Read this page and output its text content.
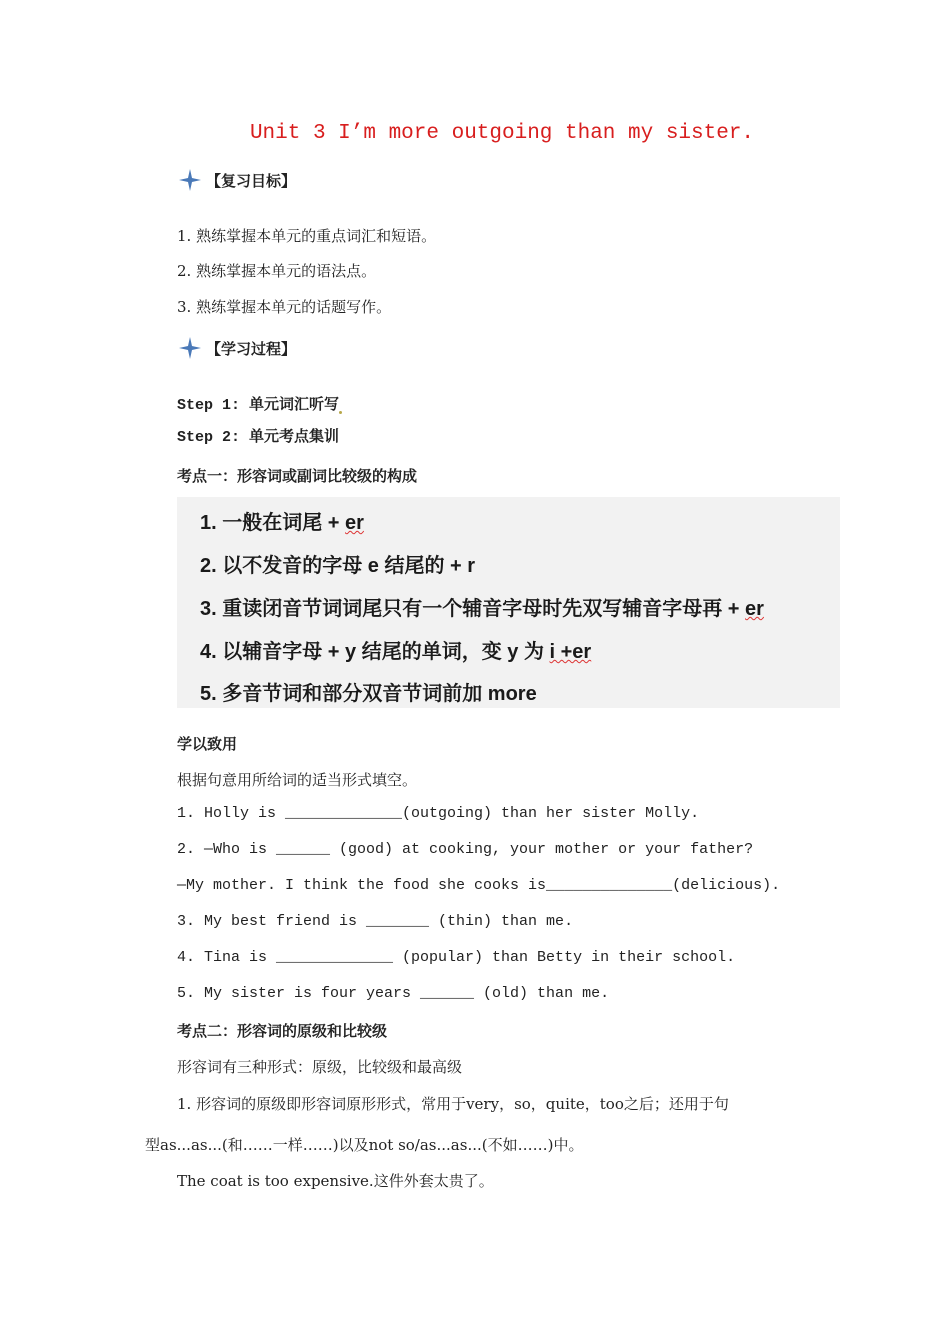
Unit 3 I’m more outgoing than my sister.
【复习目标】
1. 熟练掌握本单元的重点词汇和短语。
2. 熟练掌握本单元的语法点。
3. 熟练掌握本单元的话题写作。
【学习过程】
Step 1: 单元词汇听写
Step 2: 单元考点集训
考点一：形容词或副词比较级的构成
1. 一般在词尾 + er
2. 以不发音的字母 e 结尾的 + r
3. 重读闭音节词词尾只有一个辅音字母时先双写辅音字母再 + er
4. 以辅音字母 + y 结尾的单词，变 y 为 i +er
5. 多音节词和部分双音节词前加 more
学以致用
根据句意用所给词的适当形式填空。
1. Holly is _____________(outgoing) than her sister Molly.
2. —Who is ______ (good) at cooking, your mother or your father?
—My mother. I think the food she cooks is______________(delicious).
3. My best friend is _______ (thin) than me.
4. Tina is _____________ (popular) than Betty in their school.
5. My sister is four years ______ (old) than me.
考点二：形容词的原级和比较级
形容词有三种形式：原级，比较级和最高级
1. 形容词的原级即形容词原形形式，常用于very，so，quite，too之后；还用于句
型as...as...(和……一样……)以及not so/as...as...(不如……)中。
The coat is too expensive.这件外套太贵了。
